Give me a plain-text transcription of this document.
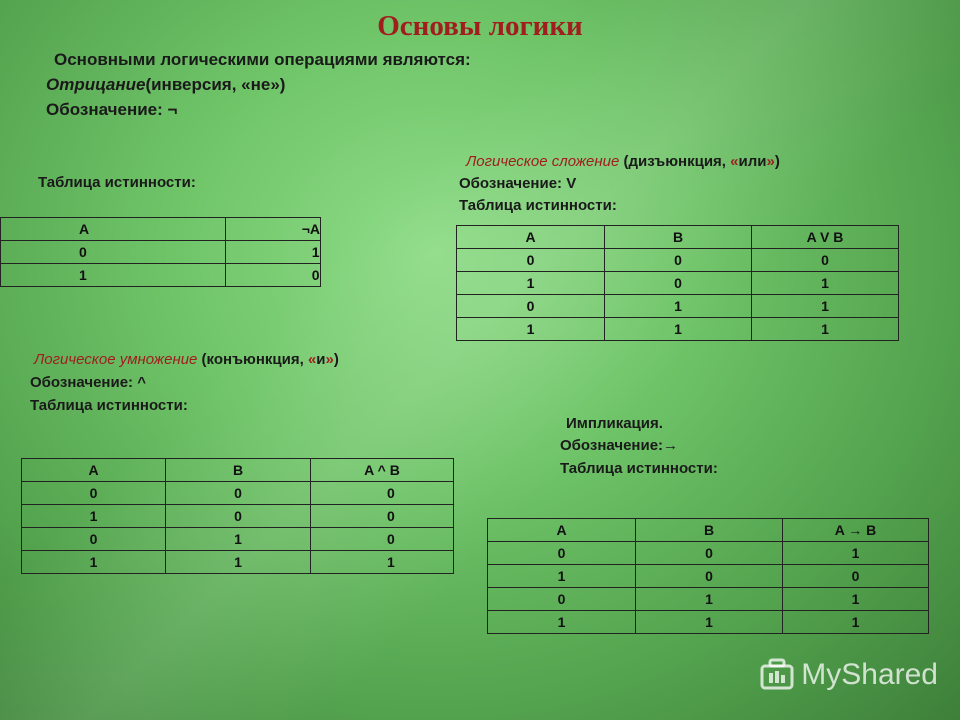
Основы логики
Основными логическими операциями являются:
Отрицание(инверсия, «не»)
Обозначение: ¬
Таблица истинности:
A	¬A
0	1
1	0
Логическое сложение (дизъюнкция, «или»)
Обозначение: V
Таблица истинности:
A	B	A V B
0	0	0
1	0	1
0	1	1
1	1	1
Логическое умножение (конъюнкция, «и»)
Обозначение: ^
Таблица истинности:
A	B	A ^ B
0	0	0
1	0	0
0	1	0
1	1	1
Импликация.
Обозначение:→
Таблица истинности:
A	B	A → B
0	0	1
1	0	0
0	1	1
1	1	1
MyShared
